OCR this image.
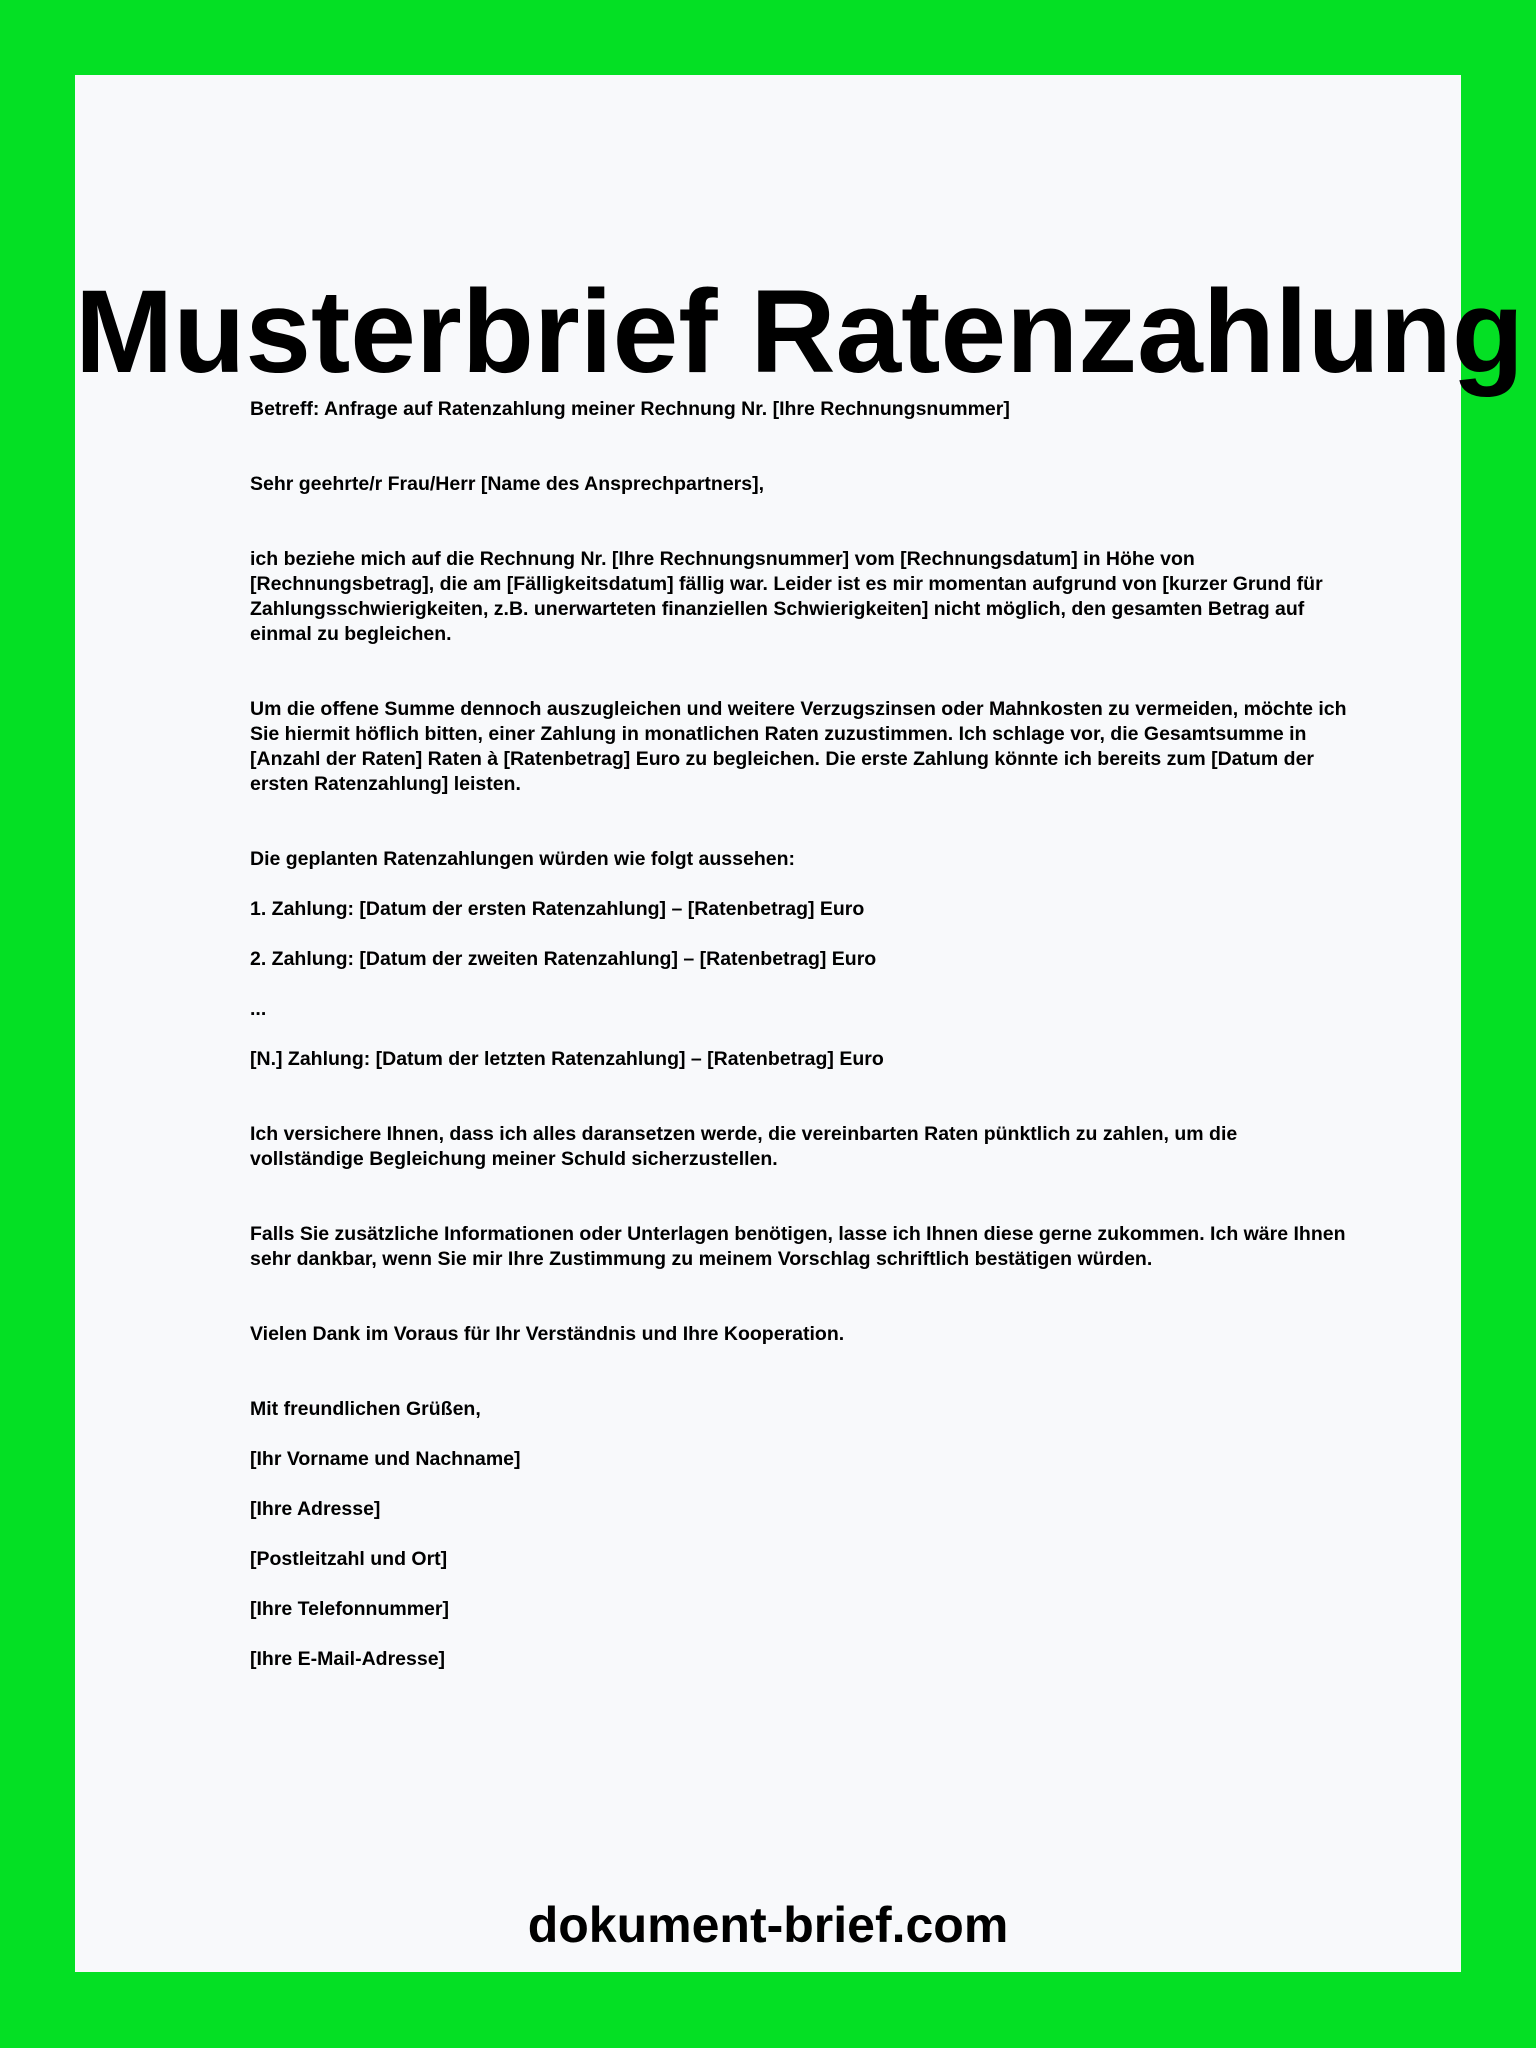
Musterbrief Ratenzahlung

Betreff: Anfrage auf Ratenzahlung meiner Rechnung Nr. [Ihre Rechnungsnummer]

Sehr geehrte/r Frau/Herr [Name des Ansprechpartners],

ich beziehe mich auf die Rechnung Nr. [Ihre Rechnungsnummer] vom [Rechnungsdatum] in Höhe von [Rechnungsbetrag], die am [Fälligkeitsdatum] fällig war. Leider ist es mir momentan aufgrund von [kurzer Grund für Zahlungsschwierigkeiten, z.B. unerwarteten finanziellen Schwierigkeiten] nicht möglich, den gesamten Betrag auf einmal zu begleichen.

Um die offene Summe dennoch auszugleichen und weitere Verzugszinsen oder Mahnkosten zu vermeiden, möchte ich Sie hiermit höflich bitten, einer Zahlung in monatlichen Raten zuzustimmen. Ich schlage vor, die Gesamtsumme in [Anzahl der Raten] Raten à [Ratenbetrag] Euro zu begleichen. Die erste Zahlung könnte ich bereits zum [Datum der ersten Ratenzahlung] leisten.

Die geplanten Ratenzahlungen würden wie folgt aussehen:

1. Zahlung: [Datum der ersten Ratenzahlung] – [Ratenbetrag] Euro

2. Zahlung: [Datum der zweiten Ratenzahlung] – [Ratenbetrag] Euro

...

[N.] Zahlung: [Datum der letzten Ratenzahlung] – [Ratenbetrag] Euro

Ich versichere Ihnen, dass ich alles daransetzen werde, die vereinbarten Raten pünktlich zu zahlen, um die vollständige Begleichung meiner Schuld sicherzustellen.

Falls Sie zusätzliche Informationen oder Unterlagen benötigen, lasse ich Ihnen diese gerne zukommen. Ich wäre Ihnen sehr dankbar, wenn Sie mir Ihre Zustimmung zu meinem Vorschlag schriftlich bestätigen würden.

Vielen Dank im Voraus für Ihr Verständnis und Ihre Kooperation.

Mit freundlichen Grüßen,

[Ihr Vorname und Nachname]

[Ihre Adresse]

[Postleitzahl und Ort]

[Ihre Telefonnummer]

[Ihre E-Mail-Adresse]

dokument-brief.com
